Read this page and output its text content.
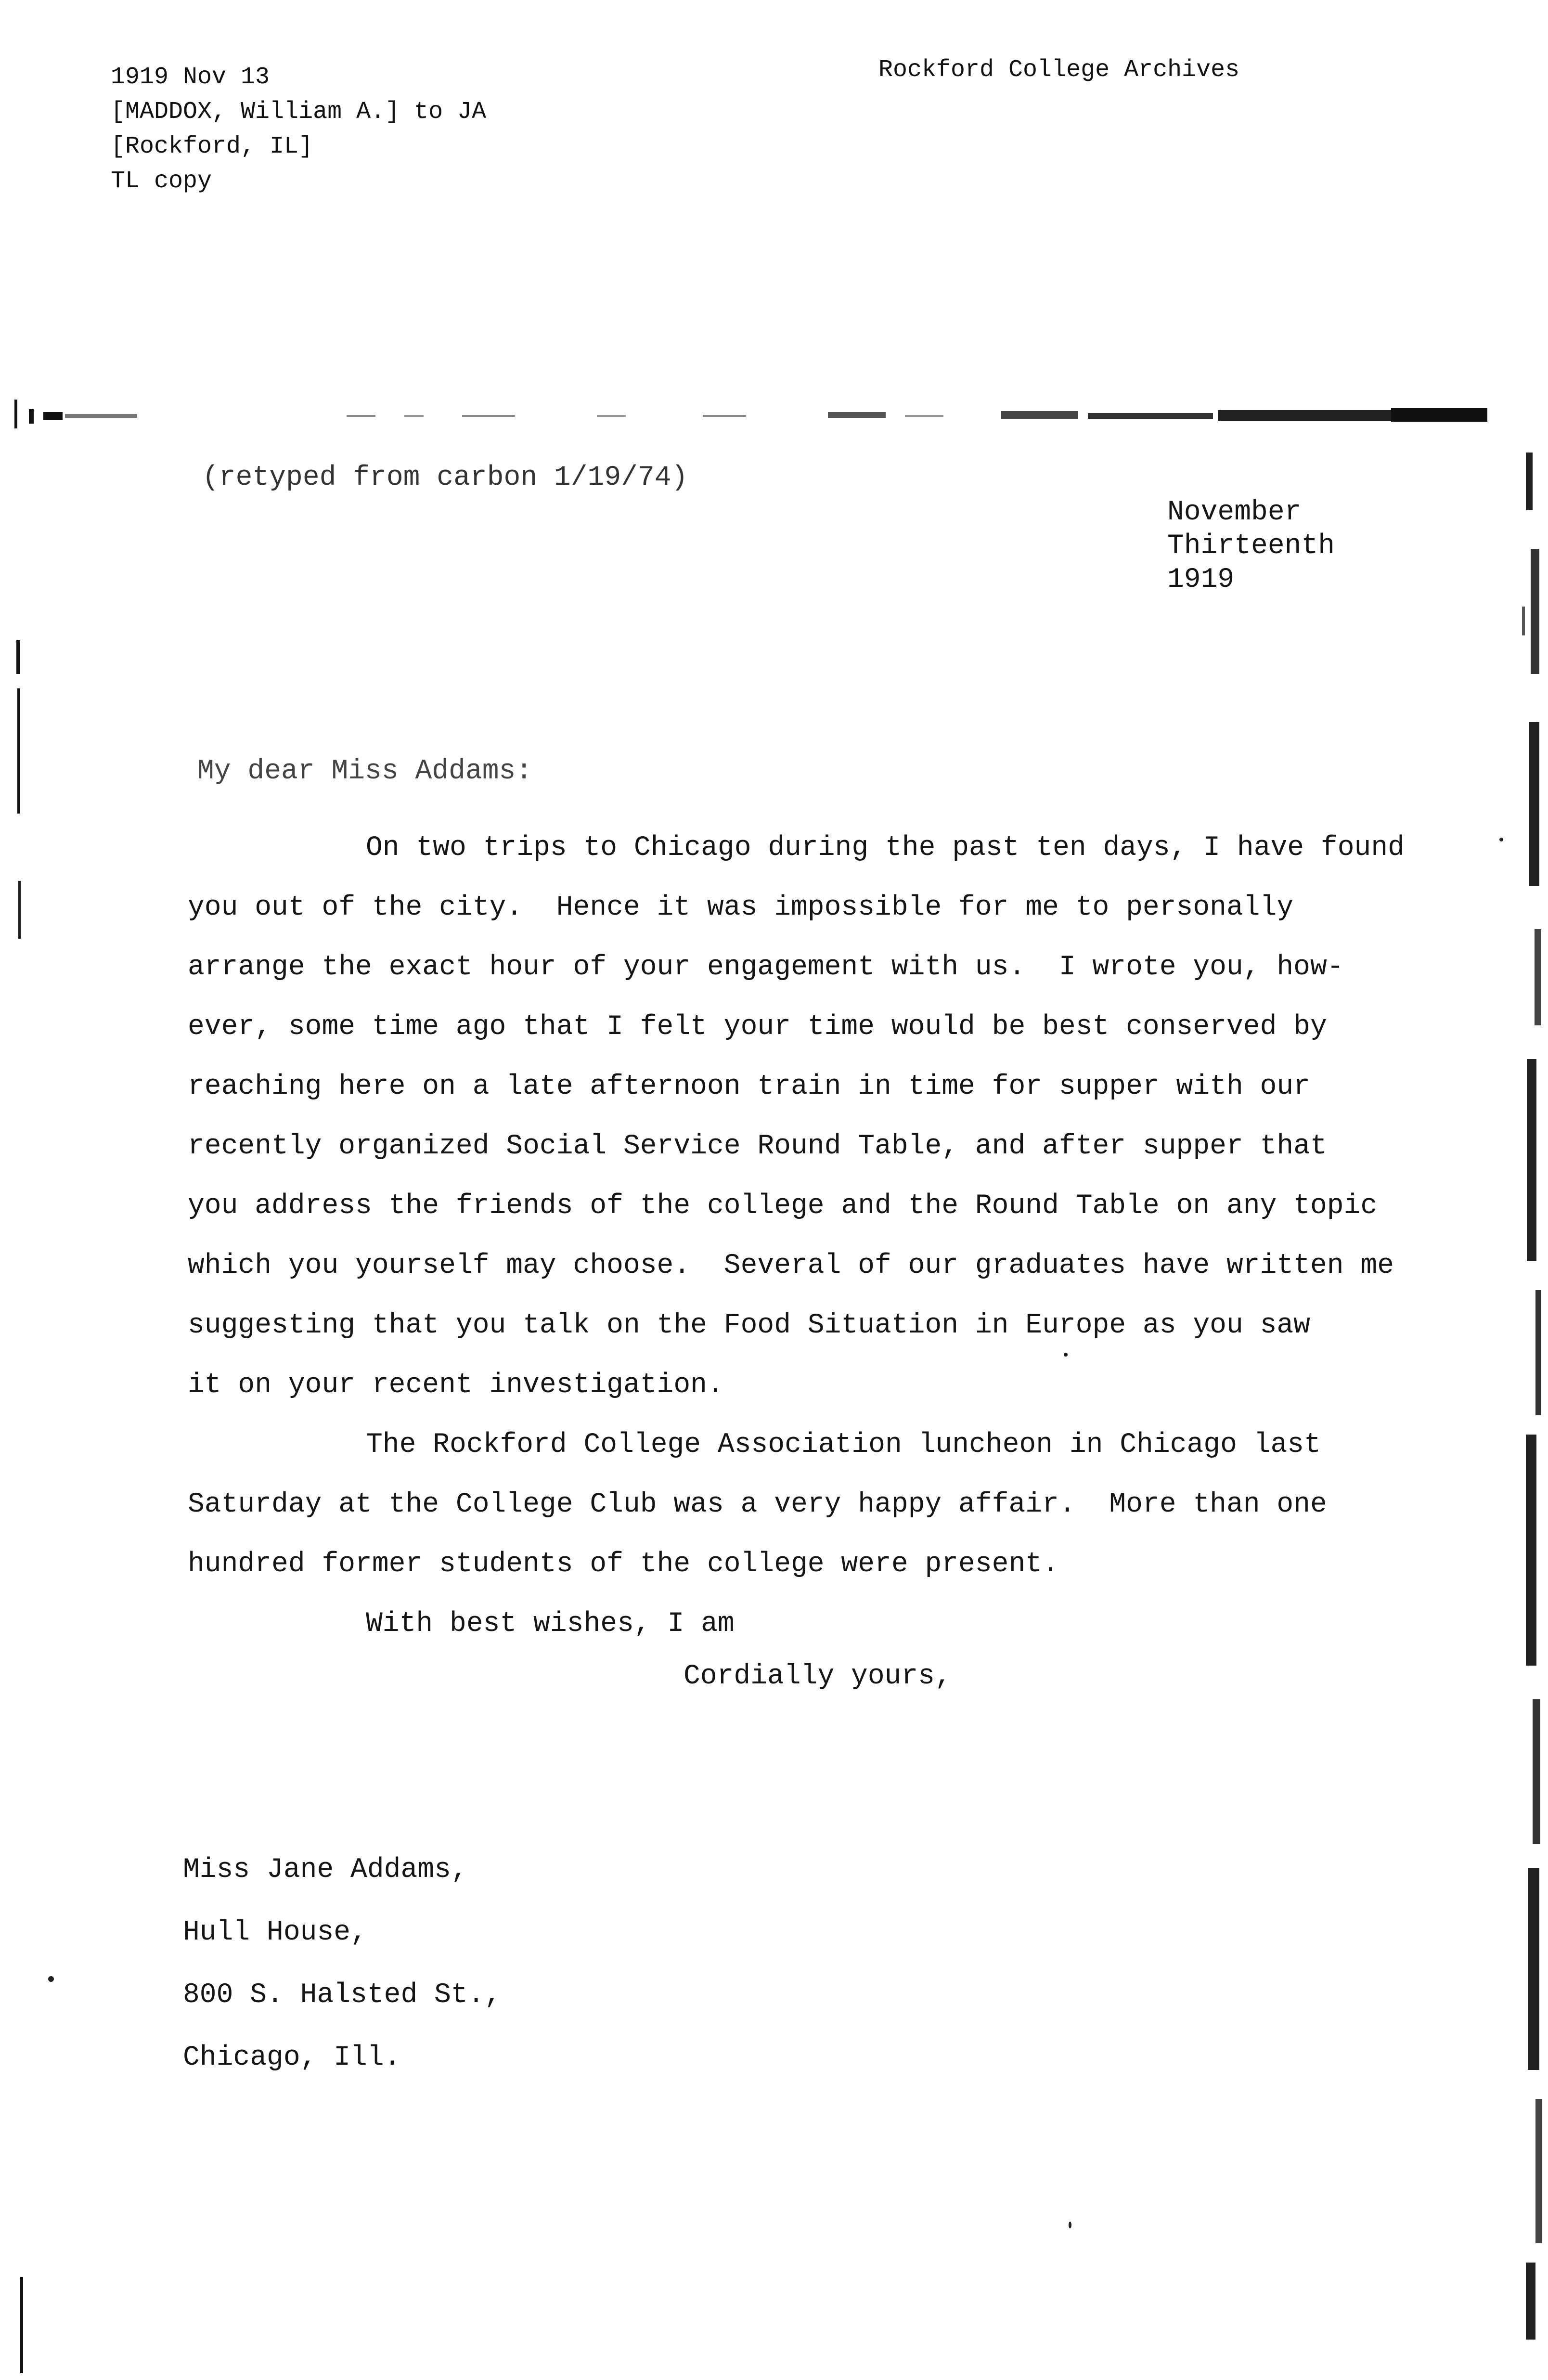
1919 Nov 13
[MADDOX, William A.] to JA
[Rockford, IL]
TL copy
Rockford College Archives
(retyped from carbon 1/19/74)
November
Thirteenth
1919
My dear Miss Addams:
On two trips to Chicago during the past ten days, I have found
you out of the city.  Hence it was impossible for me to personally
arrange the exact hour of your engagement with us.  I wrote you, how-
ever, some time ago that I felt your time would be best conserved by
reaching here on a late afternoon train in time for supper with our
recently organized Social Service Round Table, and after supper that
you address the friends of the college and the Round Table on any topic
which you yourself may choose.  Several of our graduates have written me
suggesting that you talk on the Food Situation in Europe as you saw
it on your recent investigation.
The Rockford College Association luncheon in Chicago last
Saturday at the College Club was a very happy affair.  More than one
hundred former students of the college were present.
With best wishes, I am
Cordially yours,
Miss Jane Addams,
Hull House,
800 S. Halsted St.,
Chicago, Ill.
